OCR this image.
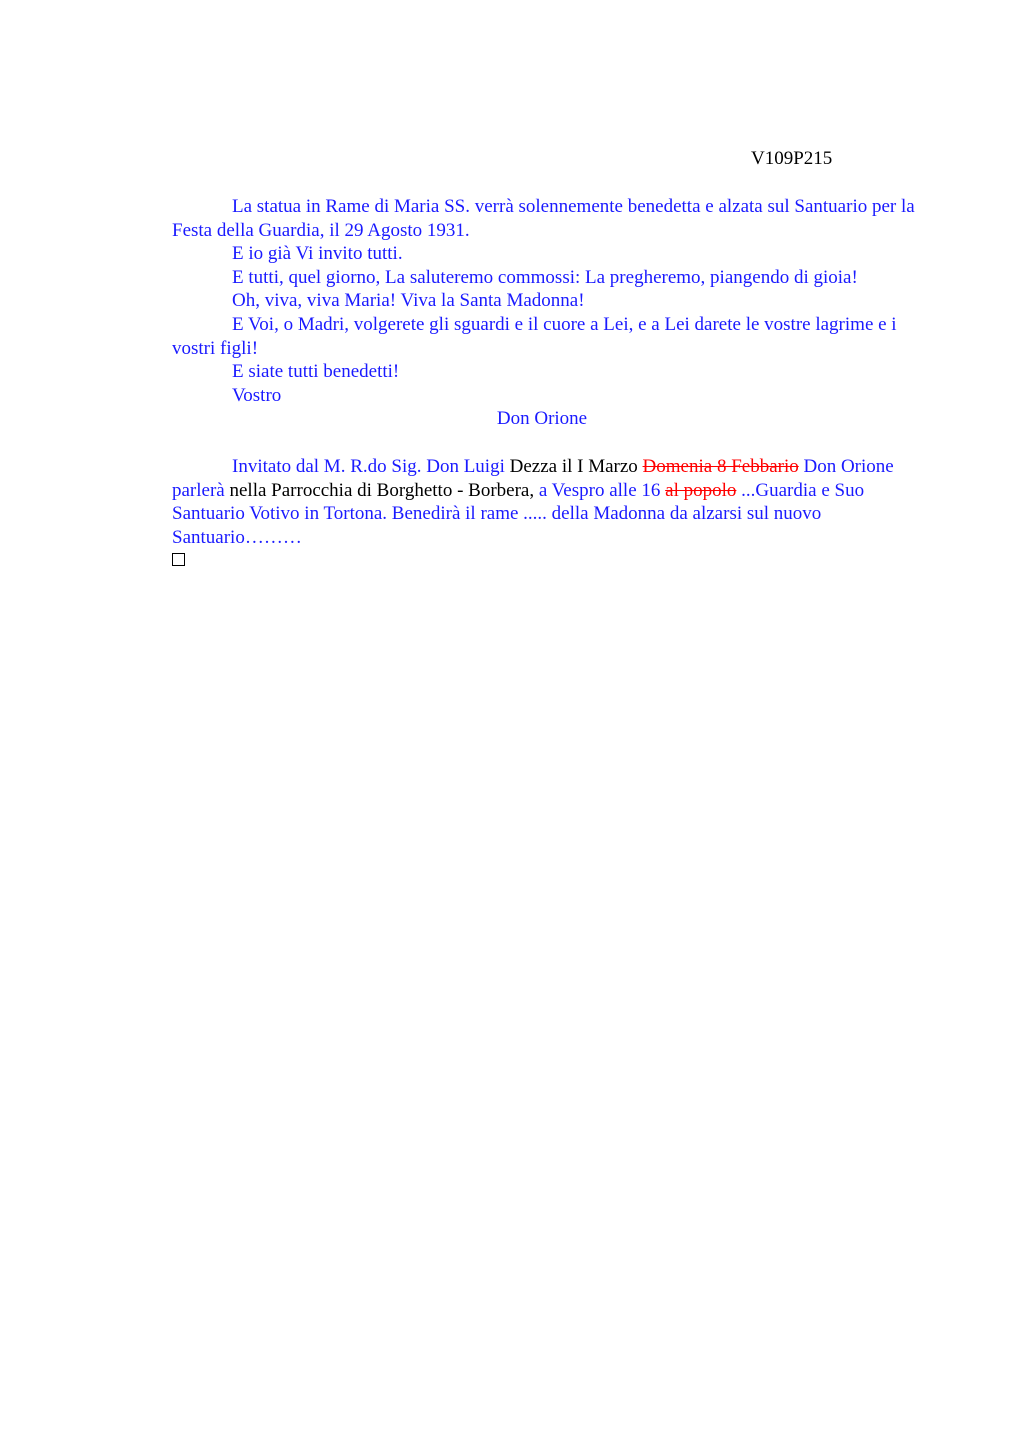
V109P215

La statua in Rame di Maria SS. verrà solennemente benedetta e alzata sul Santuario per la Festa della Guardia, il 29 Agosto 1931.

E io già Vi invito tutti.

E tutti, quel giorno, La saluteremo commossi: La pregheremo, piangendo di gioia!

Oh, viva, viva Maria! Viva la Santa Madonna!

E Voi, o Madri, volgerete gli sguardi e il cuore a Lei, e a Lei darete le vostre lagrime e i vostri figli!

E siate tutti benedetti!

Vostro

Don Orione

Invitato dal M. R.do Sig. Don Luigi Dezza il I Marzo Domenia 8 Febbario Don Orione parlerà nella Parrocchia di Borghetto - Borbera, a Vespro alle 16 al popolo ...Guardia e Suo Santuario Votivo in Tortona. Benedirà il rame ..... della Madonna da alzarsi sul nuovo Santuario………
